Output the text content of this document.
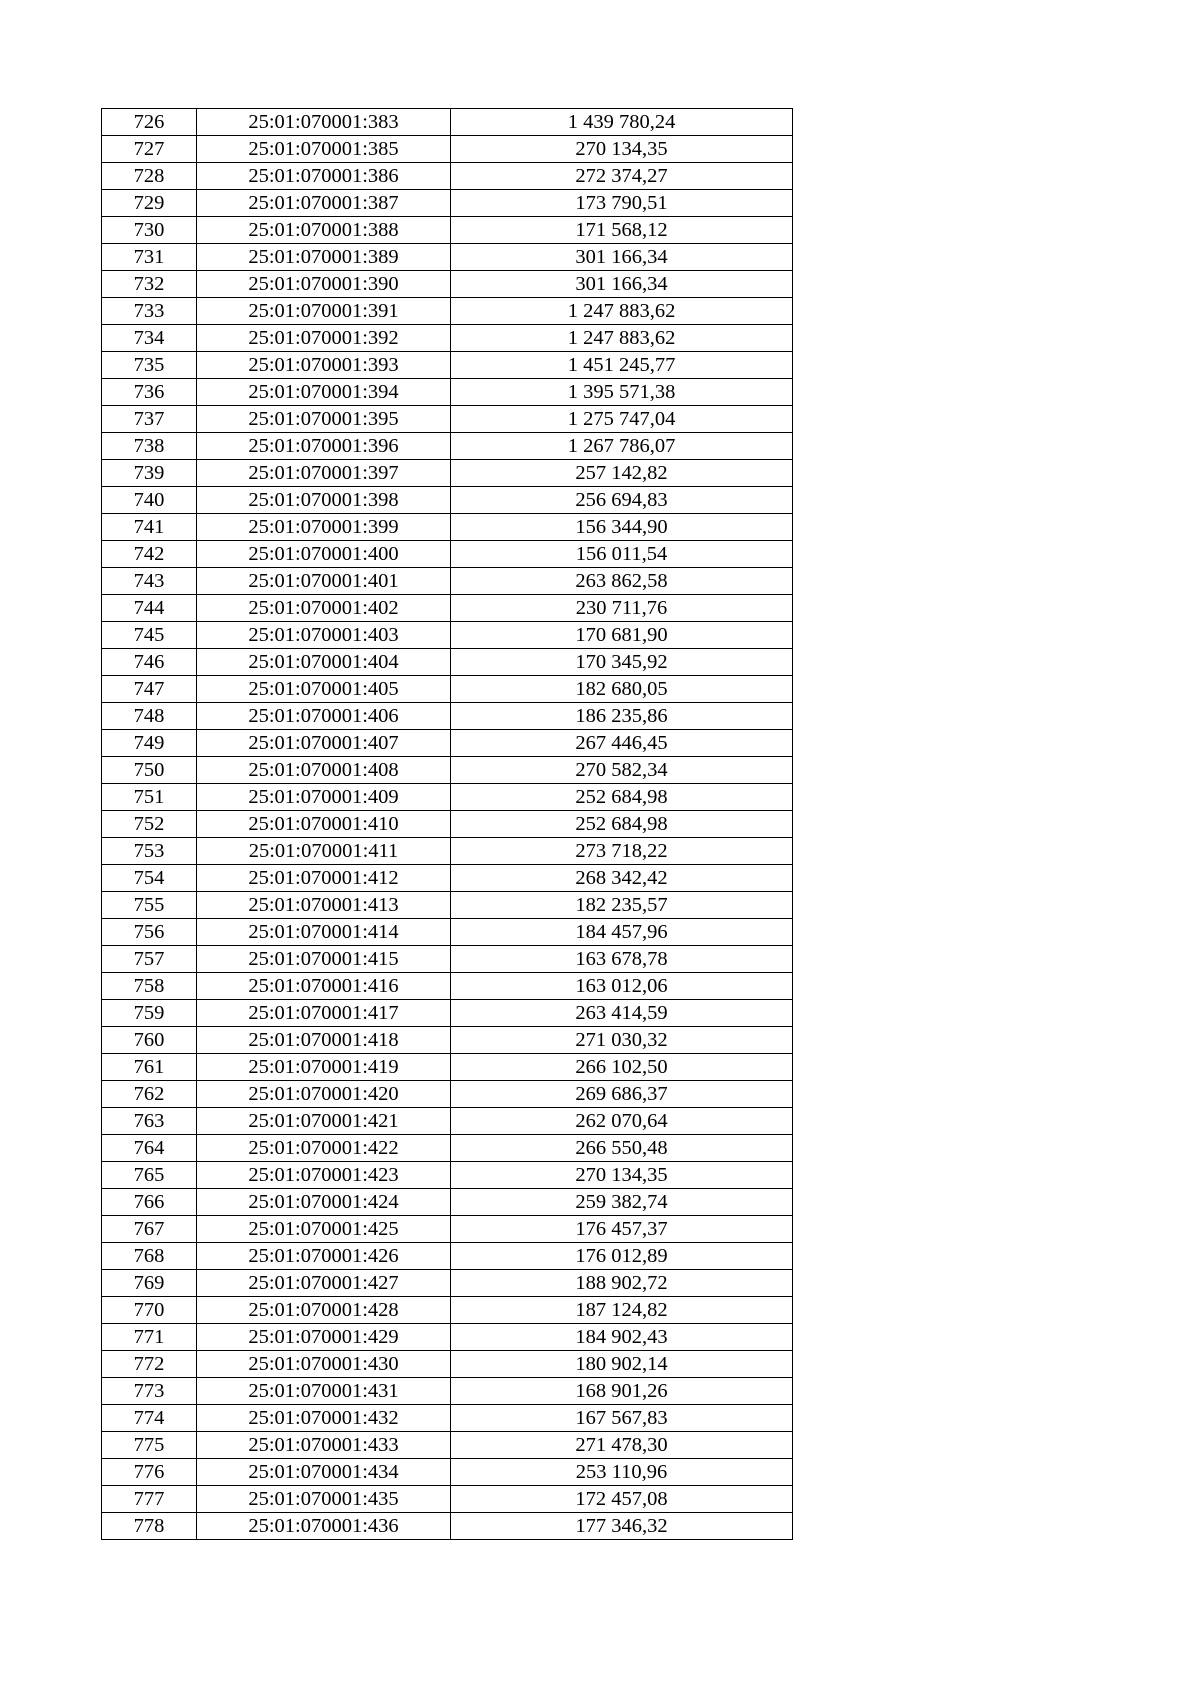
726	25:01:070001:383	1 439 780,24
727	25:01:070001:385	270 134,35
728	25:01:070001:386	272 374,27
729	25:01:070001:387	173 790,51
730	25:01:070001:388	171 568,12
731	25:01:070001:389	301 166,34
732	25:01:070001:390	301 166,34
733	25:01:070001:391	1 247 883,62
734	25:01:070001:392	1 247 883,62
735	25:01:070001:393	1 451 245,77
736	25:01:070001:394	1 395 571,38
737	25:01:070001:395	1 275 747,04
738	25:01:070001:396	1 267 786,07
739	25:01:070001:397	257 142,82
740	25:01:070001:398	256 694,83
741	25:01:070001:399	156 344,90
742	25:01:070001:400	156 011,54
743	25:01:070001:401	263 862,58
744	25:01:070001:402	230 711,76
745	25:01:070001:403	170 681,90
746	25:01:070001:404	170 345,92
747	25:01:070001:405	182 680,05
748	25:01:070001:406	186 235,86
749	25:01:070001:407	267 446,45
750	25:01:070001:408	270 582,34
751	25:01:070001:409	252 684,98
752	25:01:070001:410	252 684,98
753	25:01:070001:411	273 718,22
754	25:01:070001:412	268 342,42
755	25:01:070001:413	182 235,57
756	25:01:070001:414	184 457,96
757	25:01:070001:415	163 678,78
758	25:01:070001:416	163 012,06
759	25:01:070001:417	263 414,59
760	25:01:070001:418	271 030,32
761	25:01:070001:419	266 102,50
762	25:01:070001:420	269 686,37
763	25:01:070001:421	262 070,64
764	25:01:070001:422	266 550,48
765	25:01:070001:423	270 134,35
766	25:01:070001:424	259 382,74
767	25:01:070001:425	176 457,37
768	25:01:070001:426	176 012,89
769	25:01:070001:427	188 902,72
770	25:01:070001:428	187 124,82
771	25:01:070001:429	184 902,43
772	25:01:070001:430	180 902,14
773	25:01:070001:431	168 901,26
774	25:01:070001:432	167 567,83
775	25:01:070001:433	271 478,30
776	25:01:070001:434	253 110,96
777	25:01:070001:435	172 457,08
778	25:01:070001:436	177 346,32
